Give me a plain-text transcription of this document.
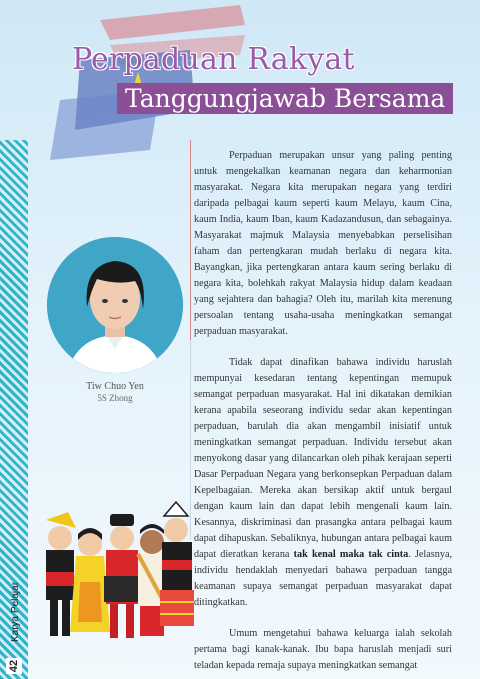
Perpaduan Rakyat
Tanggungjawab Bersama
Karya Pelajar
42
Tiw Chuo Yen
5S Zhong

Perpaduan merupakan unsur yang paling penting untuk mengekalkan keamanan negara dan keharmonian masyarakat. Negara kita merupakan negara yang terdiri daripada pelbagai kaum seperti kaum Melayu, kaum Cina, kaum India, kaum Iban, kaum Kadazandusun, dan sebagainya. Masyarakat majmuk Malaysia menyebabkan perselisihan faham dan pertengkaran mudah berlaku di negara kita. Bayangkan, jika pertengkaran antara kaum sering berlaku di negara kita, bolehkah rakyat Malaysia hidup dalam keadaan yang sejahtera dan bahagia? Oleh itu, marilah kita merenung persoalan tentang usaha-usaha meningkatkan semangat perpaduan masyarakat.

Tidak dapat dinafikan bahawa individu haruslah mempunyai kesedaran tentang kepentingan memupuk semangat perpaduan masyarakat. Hal ini dikatakan demikian kerana apabila seseorang individu sedar akan kepentingan perpaduan, barulah dia akan mengambil inisiatif untuk meningkatkan semangat perpaduan. Individu tersebut akan menyokong dasar yang dilancarkan oleh pihak kerajaan seperti Dasar Perpaduan Negara yang berkonsepkan Perpaduan dalam Kepelbagaian. Mereka akan bersikap aktif untuk bergaul dengan kaum lain dan dapat lebih mengenali kaum lain. Kesannya, diskriminasi dan prasangka antara pelbagai kaum dapat dihapuskan. Sebaliknya, hubungan antara pelbagai kaum dapat dieratkan kerana tak kenal maka tak cinta. Jelasnya, individu hendaklah menyedari bahawa perpaduan tangga keamanan supaya semangat perpaduan masyarakat dapat ditingkatkan.

Umum mengetahui bahawa keluarga ialah sekolah pertama bagi kanak-kanak. Ibu bapa haruslah menjadi suri teladan kepada remaja supaya meningkatkan semangat
